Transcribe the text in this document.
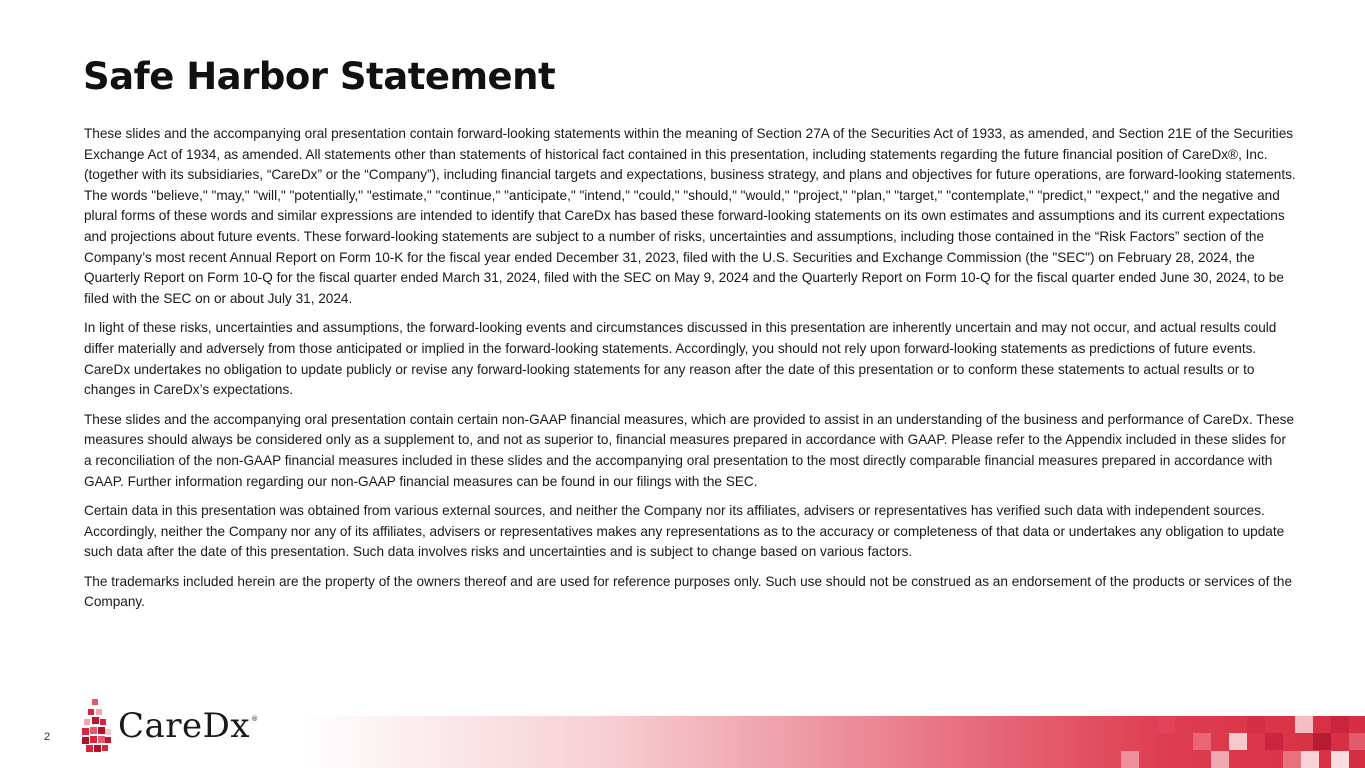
Safe Harbor Statement

These slides and the accompanying oral presentation contain forward-looking statements within the meaning of Section 27A of the Securities Act of 1933, as amended, and Section 21E of the Securities Exchange Act of 1934, as amended. All statements other than statements of historical fact contained in this presentation, including statements regarding the future financial position of CareDx®, Inc. (together with its subsidiaries, “CareDx” or the “Company”), including financial targets and expectations, business strategy, and plans and objectives for future operations, are forward-looking statements. The words "believe," "may," "will," "potentially," "estimate," "continue," "anticipate," "intend," "could," "should," "would," "project," "plan," "target," "contemplate," "predict," "expect," and the negative and plural forms of these words and similar expressions are intended to identify that CareDx has based these forward-looking statements on its own estimates and assumptions and its current expectations and projections about future events. These forward-looking statements are subject to a number of risks, uncertainties and assumptions, including those contained in the “Risk Factors” section of the Company’s most recent Annual Report on Form 10-K for the fiscal year ended December 31, 2023, filed with the U.S. Securities and Exchange Commission (the "SEC") on February 28, 2024, the Quarterly Report on Form 10-Q for the fiscal quarter ended March 31, 2024, filed with the SEC on May 9, 2024 and the Quarterly Report on Form 10-Q for the fiscal quarter ended June 30, 2024, to be filed with the SEC on or about July 31, 2024.

In light of these risks, uncertainties and assumptions, the forward-looking events and circumstances discussed in this presentation are inherently uncertain and may not occur, and actual results could differ materially and adversely from those anticipated or implied in the forward-looking statements. Accordingly, you should not rely upon forward-looking statements as predictions of future events. CareDx undertakes no obligation to update publicly or revise any forward-looking statements for any reason after the date of this presentation or to conform these statements to actual results or to changes in CareDx’s expectations.

These slides and the accompanying oral presentation contain certain non-GAAP financial measures, which are provided to assist in an understanding of the business and performance of CareDx. These measures should always be considered only as a supplement to, and not as superior to, financial measures prepared in accordance with GAAP. Please refer to the Appendix included in these slides for a reconciliation of the non-GAAP financial measures included in these slides and the accompanying oral presentation to the most directly comparable financial measures prepared in accordance with GAAP. Further information regarding our non-GAAP financial measures can be found in our filings with the SEC.

Certain data in this presentation was obtained from various external sources, and neither the Company nor its affiliates, advisers or representatives has verified such data with independent sources. Accordingly, neither the Company nor any of its affiliates, advisers or representatives makes any representations as to the accuracy or completeness of that data or undertakes any obligation to update such data after the date of this presentation. Such data involves risks and uncertainties and is subject to change based on various factors.

The trademarks included herein are the property of the owners thereof and are used for reference purposes only. Such use should not be construed as an endorsement of the products or services of the Company.

2 CareDx ®
